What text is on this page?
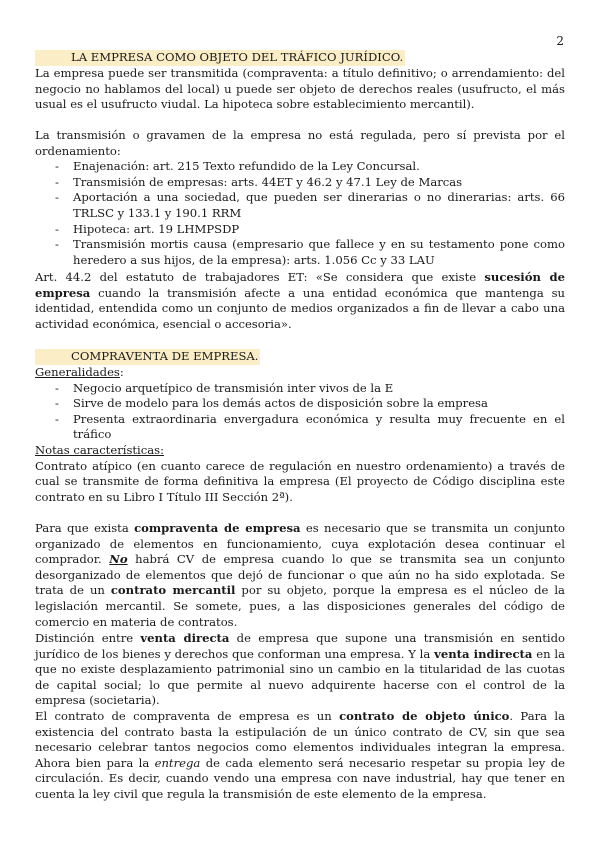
2
LA EMPRESA COMO OBJETO DEL TRÁFICO JURÍDICO.

La empresa puede ser transmitida (compraventa: a título definitivo; o arrendamiento: del negocio no hablamos del local) u puede ser objeto de derechos reales (usufructo, el más usual es el usufructo viudal. La hipoteca sobre establecimiento mercantil).

La transmisión o gravamen de la empresa no está regulada, pero sí prevista por el ordenamiento:

- Enajenación: art. 215 Texto refundido de la Ley Concursal.
- Transmisión de empresas: arts. 44ET y 46.2 y 47.1 Ley de Marcas
- Aportación a una sociedad, que pueden ser dinerarias o no dinerarias: arts. 66 TRLSC y 133.1 y 190.1 RRM
- Hipoteca: art. 19 LHMPSDP
- Transmisión mortis causa (empresario que fallece y en su testamento pone como heredero a sus hijos, de la empresa): arts. 1.056 Cc y 33 LAU

Art. 44.2 del estatuto de trabajadores ET: «Se considera que existe sucesión de empresa cuando la transmisión afecte a una entidad económica que mantenga su identidad, entendida como un conjunto de medios organizados a fin de llevar a cabo una actividad económica, esencial o accesoria».

COMPRAVENTA DE EMPRESA.

Generalidades:

- Negocio arquetípico de transmisión inter vivos de la E
- Sirve de modelo para los demás actos de disposición sobre la empresa
- Presenta extraordinaria envergadura económica y resulta muy frecuente en el tráfico

Notas características:

Contrato atípico (en cuanto carece de regulación en nuestro ordenamiento) a través de cual se transmite de forma definitiva la empresa (El proyecto de Código disciplina este contrato en su Libro I Título III Sección 2ª).

Para que exista compraventa de empresa es necesario que se transmita un conjunto organizado de elementos en funcionamiento, cuya explotación desea continuar el comprador. No habrá CV de empresa cuando lo que se transmita sea un conjunto desorganizado de elementos que dejó de funcionar o que aún no ha sido explotada. Se trata de un contrato mercantil por su objeto, porque la empresa es el núcleo de la legislación mercantil. Se somete, pues, a las disposiciones generales del código de comercio en materia de contratos.

Distinción entre venta directa de empresa que supone una transmisión en sentido jurídico de los bienes y derechos que conforman una empresa. Y la venta indirecta en la que no existe desplazamiento patrimonial sino un cambio en la titularidad de las cuotas de capital social; lo que permite al nuevo adquirente hacerse con el control de la empresa (societaria).

El contrato de compraventa de empresa es un contrato de objeto único. Para la existencia del contrato basta la estipulación de un único contrato de CV, sin que sea necesario celebrar tantos negocios como elementos individuales integran la empresa. Ahora bien para la entrega de cada elemento será necesario respetar su propia ley de circulación. Es decir, cuando vendo una empresa con nave industrial, hay que tener en cuenta la ley civil que regula la transmisión de este elemento de la empresa.
